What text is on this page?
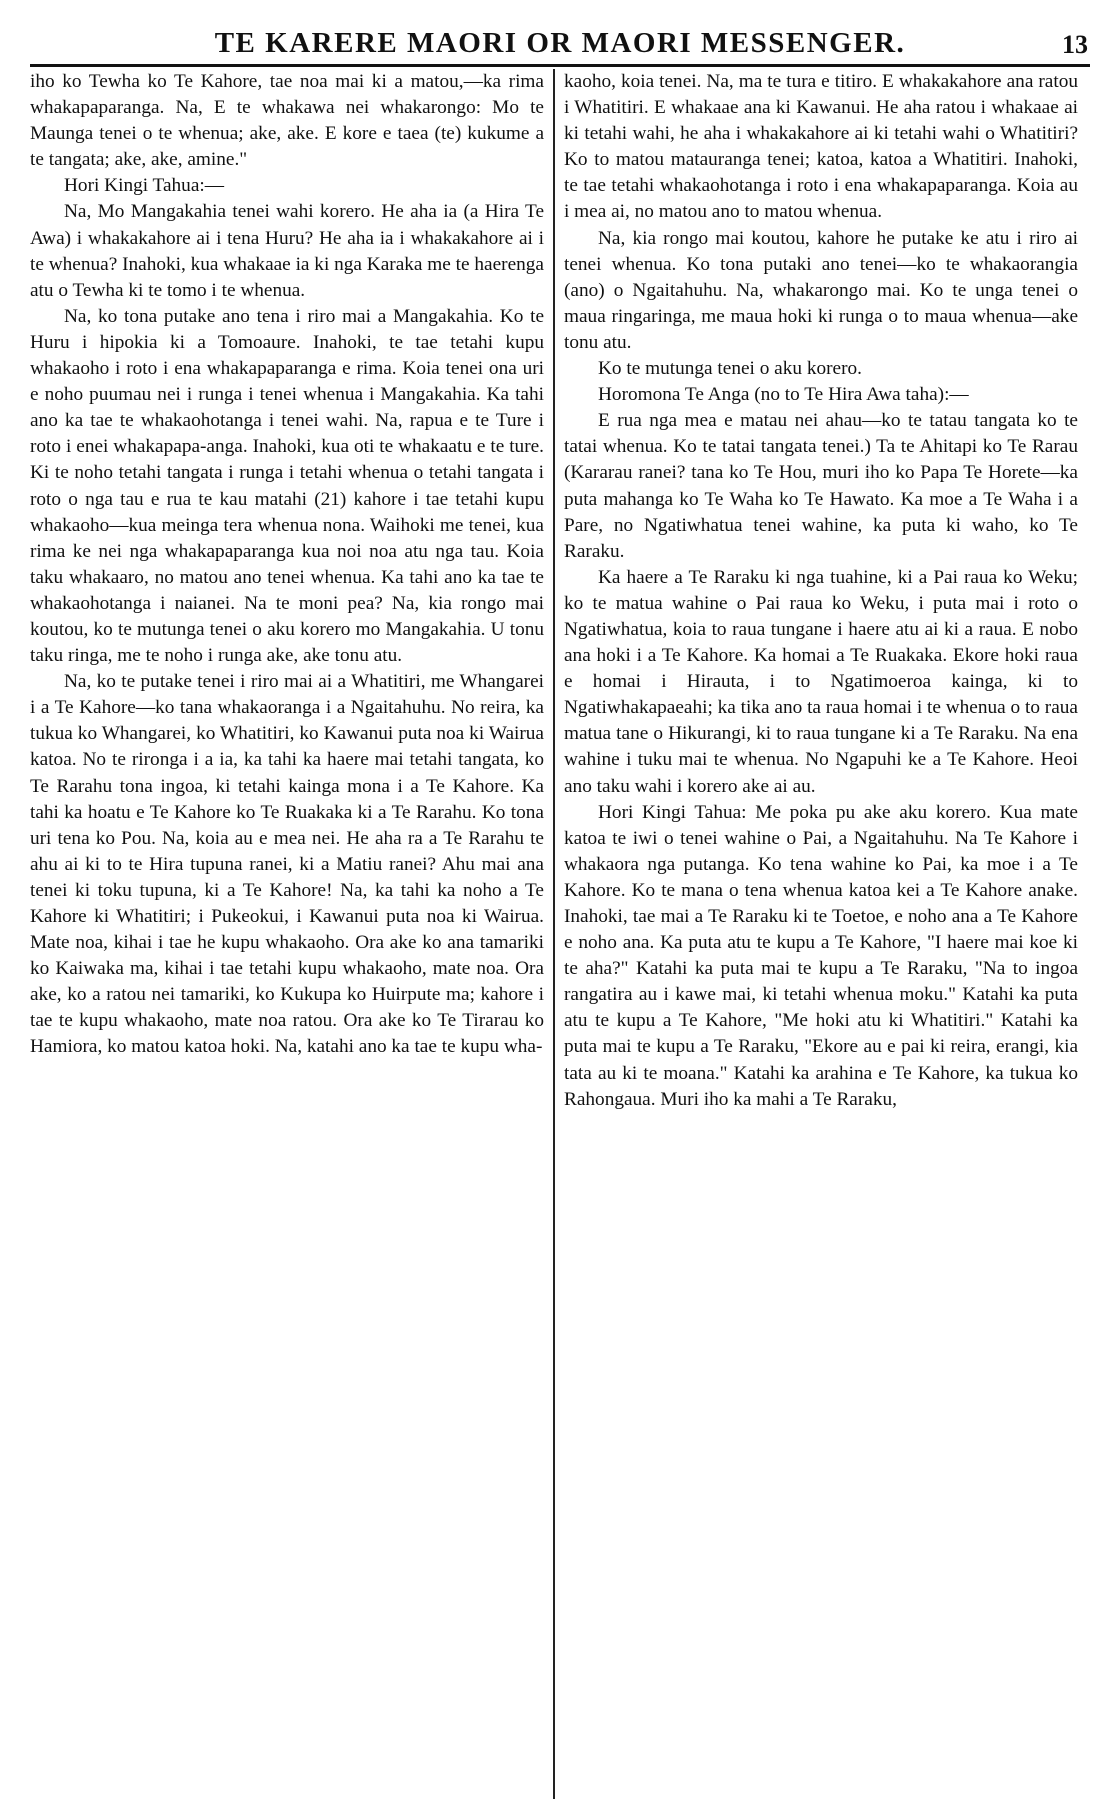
TE KARERE MAORI OR MAORI MESSENGER.	13

iho ko Tewha ko Te Kahore, tae noa mai ki a matou,—ka rima whakapaparanga. Na, E te whakawa nei whakarongo: Mo te Maunga tenei o te whenua; ake, ake. E kore e taea (te) kukume a te tangata; ake, ake, amine."

Hori Kingi Tahua:—

Na, Mo Mangakahia tenei wahi korero. He aha ia (a Hira Te Awa) i whakakahore ai i tena Huru? He aha ia i whakakahore ai i te whenua? Inahoki, kua whakaae ia ki nga Karaka me te haerenga atu o Tewha ki te tomo i te whenua.

Na, ko tona putake ano tena i riro mai a Mangakahia. Ko te Huru i hipokia ki a Tomoaure. Inahoki, te tae tetahi kupu whakaoho i roto i ena whakapaparanga e rima. Koia tenei ona uri e noho puumau nei i runga i tenei whenua i Mangakahia. Ka tahi ano ka tae te whakaohotanga i tenei wahi. Na, rapua e te Ture i roto i enei whakapapa-anga. Inahoki, kua oti te whakaatu e te ture. Ki te noho tetahi tangata i runga i tetahi whenua o tetahi tangata i roto o nga tau e rua te kau matahi (21) kahore i tae tetahi kupu whakaoho—kua meinga tera whenua nona. Waihoki me tenei, kua rima ke nei nga whakapaparanga kua noi noa atu nga tau. Koia taku whakaaro, no matou ano tenei whenua. Ka tahi ano ka tae te whakaohotanga i naianei. Na te moni pea? Na, kia rongo mai koutou, ko te mutunga tenei o aku korero mo Mangakahia. U tonu taku ringa, me te noho i runga ake, ake tonu atu.

Na, ko te putake tenei i riro mai ai a Whatitiri, me Whangarei i a Te Kahore—ko tana whakaoranga i a Ngaitahuhu. No reira, ka tukua ko Whangarei, ko Whatitiri, ko Kawanui puta noa ki Wairua katoa. No te rironga i a ia, ka tahi ka haere mai tetahi tangata, ko Te Rarahu tona ingoa, ki tetahi kainga mona i a Te Kahore. Ka tahi ka hoatu e Te Kahore ko Te Ruakaka ki a Te Rarahu. Ko tona uri tena ko Pou. Na, koia au e mea nei. He aha ra a Te Rarahu te ahu ai ki to te Hira tupuna ranei, ki a Matiu ranei? Ahu mai ana tenei ki toku tupuna, ki a Te Kahore! Na, ka tahi ka noho a Te Kahore ki Whatitiri; i Pukeokui, i Kawanui puta noa ki Wairua. Mate noa, kihai i tae he kupu whakaoho. Ora ake ko ana tamariki ko Kaiwaka ma, kihai i tae tetahi kupu whakaoho, mate noa. Ora ake, ko a ratou nei tamariki, ko Kukupa ko Huirpute ma; kahore i tae te kupu whakaoho, mate noa ratou. Ora ake ko Te Tirarau ko Hamiora, ko matou katoa hoki. Na, katahi ano ka tae te kupu wha-

kaoho, koia tenei. Na, ma te tura e titiro. E whakakahore ana ratou i Whatitiri. E whakaae ana ki Kawanui. He aha ratou i whakaae ai ki tetahi wahi, he aha i whakakahore ai ki tetahi wahi o Whatitiri? Ko to matou matauranga tenei; katoa, katoa a Whatitiri. Inahoki, te tae tetahi whakaohotanga i roto i ena whakapaparanga. Koia au i mea ai, no matou ano to matou whenua.

Na, kia rongo mai koutou, kahore he putake ke atu i riro ai tenei whenua. Ko tona putaki ano tenei—ko te whakaorangia (ano) o Ngaitahuhu. Na, whakarongo mai. Ko te unga tenei o maua ringaringa, me maua hoki ki runga o to maua whenua—ake tonu atu.

Ko te mutunga tenei o aku korero.

Horomona Te Anga (no to Te Hira Awa taha):—

E rua nga mea e matau nei ahau—ko te tatau tangata ko te tatai whenua. Ko te tatai tangata tenei.) Ta te Ahitapi ko Te Rarau (Kararau ranei? tana ko Te Hou, muri iho ko Papa Te Horete—ka puta mahanga ko Te Waha ko Te Hawato. Ka moe a Te Waha i a Pare, no Ngatiwhatua tenei wahine, ka puta ki waho, ko Te Raraku.

Ka haere a Te Raraku ki nga tuahine, ki a Pai raua ko Weku; ko te matua wahine o Pai raua ko Weku, i puta mai i roto o Ngatiwhatua, koia to raua tungane i haere atu ai ki a raua. E nobo ana hoki i a Te Kahore. Ka homai a Te Ruakaka. Ekore hoki raua e homai i Hirauta, i to Ngatimoeroa kainga, ki to Ngatiwhakapaeahi; ka tika ano ta raua homai i te whenua o to raua matua tane o Hikurangi, ki to raua tungane ki a Te Raraku. Na ena wahine i tuku mai te whenua. No Ngapuhi ke a Te Kahore. Heoi ano taku wahi i korero ake ai au.

Hori Kingi Tahua: Me poka pu ake aku korero. Kua mate katoa te iwi o tenei wahine o Pai, a Ngaitahuhu. Na Te Kahore i whakaora nga putanga. Ko tena wahine ko Pai, ka moe i a Te Kahore. Ko te mana o tena whenua katoa kei a Te Kahore anake. Inahoki, tae mai a Te Raraku ki te Toetoe, e noho ana a Te Kahore e noho ana. Ka puta atu te kupu a Te Kahore, "I haere mai koe ki te aha?" Katahi ka puta mai te kupu a Te Raraku, "Na to ingoa rangatira au i kawe mai, ki tetahi whenua moku." Katahi ka puta atu te kupu a Te Kahore, "Me hoki atu ki Whatitiri." Katahi ka puta mai te kupu a Te Raraku, "Ekore au e pai ki reira, erangi, kia tata au ki te moana." Katahi ka arahina e Te Kahore, ka tukua ko Rahongaua. Muri iho ka mahi a Te Raraku,
